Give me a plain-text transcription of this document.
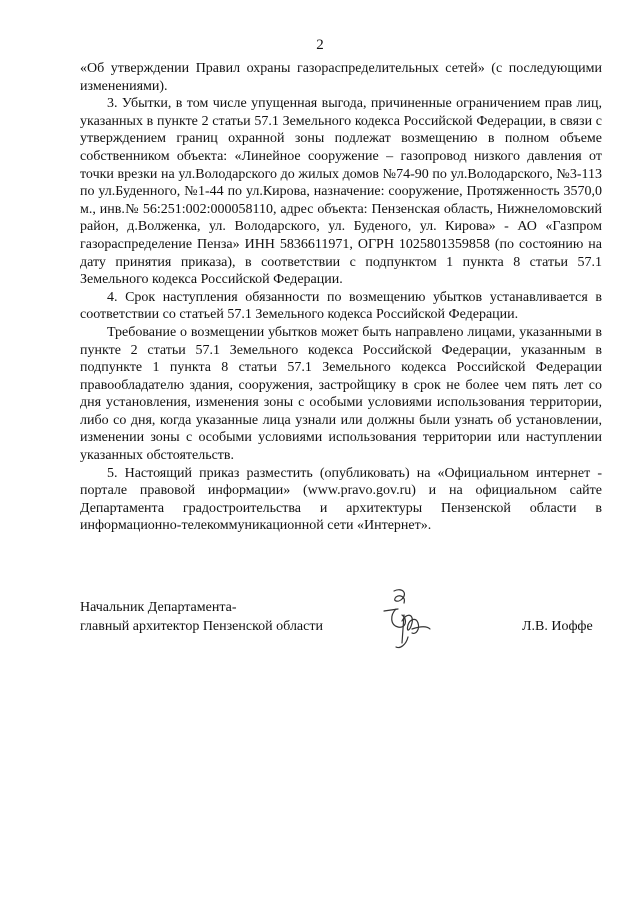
2

«Об утверждении Правил охраны газораспределительных сетей» (с последующими изменениями).

3. Убытки, в том числе упущенная выгода, причиненные ограничением прав лиц, указанных в пункте 2 статьи 57.1 Земельного кодекса Российской Федерации, в связи с утверждением границ охранной зоны подлежат возмещению в полном объеме собственником объекта: «Линейное сооружение – газопровод низкого давления от точки врезки на ул.Володарского до жилых домов №74-90 по ул.Володарского, №3-113 по ул.Буденного, №1-44 по ул.Кирова, назначение: сооружение, Протяженность 3570,0 м., инв.№ 56:251:002:000058110, адрес объекта: Пензенская область, Нижнеломовский район, д.Волженка, ул. Володарского, ул. Буденого, ул. Кирова» - АО «Газпром газораспределение Пенза» ИНН 5836611971, ОГРН 1025801359858 (по состоянию на дату принятия приказа), в соответствии с подпунктом 1 пункта 8 статьи 57.1 Земельного кодекса Российской Федерации.

4. Срок наступления обязанности по возмещению убытков устанавливается в соответствии со статьей 57.1 Земельного кодекса Российской Федерации.

Требование о возмещении убытков может быть направлено лицами, указанными в пункте 2 статьи 57.1 Земельного кодекса Российской Федерации, указанным в подпункте 1 пункта 8 статьи 57.1 Земельного кодекса Российской Федерации правообладателю здания, сооружения, застройщику в срок не более чем пять лет со дня установления, изменения зоны с особыми условиями использования территории, либо со дня, когда указанные лица узнали или должны были узнать об установлении, изменении зоны с особыми условиями использования территории или наступлении указанных обстоятельств.

5. Настоящий приказ разместить (опубликовать) на «Официальном интернет - портале правовой информации» (www.pravo.gov.ru) и на официальном сайте Департамента градостроительства и архитектуры Пензенской области в информационно-телекоммуникационной сети «Интернет».

Начальник Департамента-
главный архитектор Пензенской области	Л.В. Иоффе
